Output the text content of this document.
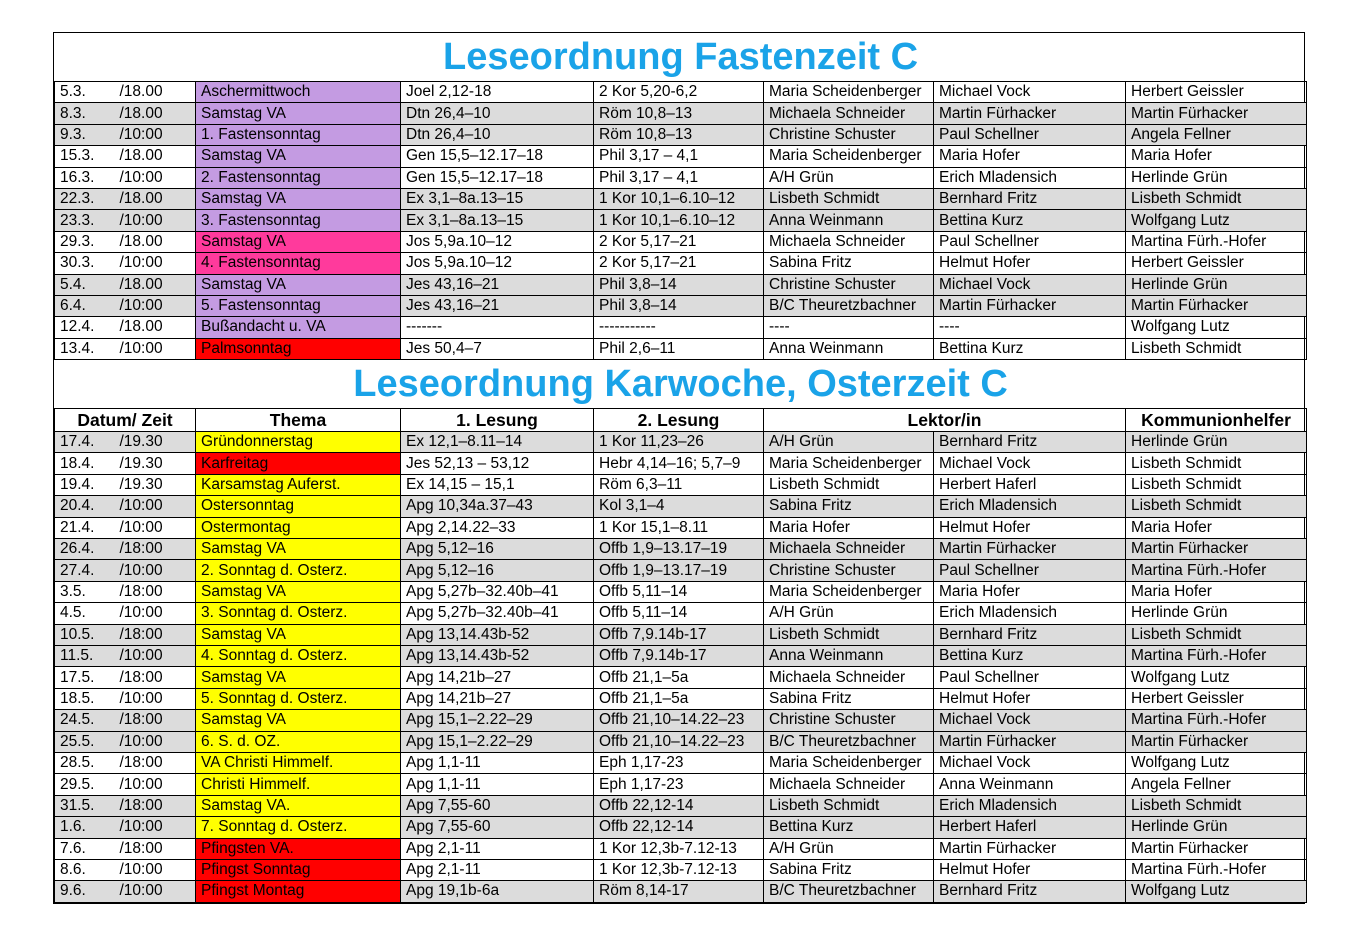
Leseordnung Fastenzeit C							
5.3.	/18.00	Aschermittwoch	Joel 2,12-18	2 Kor 5,20-6,2	Maria Scheidenberger	Michael Vock	Herbert Geissler
8.3.	/18.00	Samstag VA	Dtn 26,4–10	Röm 10,8–13	Michaela Schneider	Martin Fürhacker	Martin Fürhacker
9.3.	/10:00	1. Fastensonntag	Dtn 26,4–10	Röm 10,8–13	Christine Schuster	Paul Schellner	Angela Fellner
15.3.	/18.00	Samstag VA	Gen 15,5–12.17–18	Phil 3,17 – 4,1	Maria Scheidenberger	Maria Hofer	Maria Hofer
16.3.	/10:00	2. Fastensonntag	Gen 15,5–12.17–18	Phil 3,17 – 4,1	A/H Grün	Erich Mladensich	Herlinde Grün
22.3.	/18.00	Samstag VA	Ex 3,1–8a.13–15	1 Kor 10,1–6.10–12	Lisbeth Schmidt	Bernhard Fritz	Lisbeth Schmidt
23.3.	/10:00	3. Fastensonntag	Ex 3,1–8a.13–15	1 Kor 10,1–6.10–12	Anna Weinmann	Bettina Kurz	Wolfgang Lutz
29.3.	/18.00	Samstag VA	Jos 5,9a.10–12	2 Kor 5,17–21	Michaela Schneider	Paul Schellner	Martina Fürh.-Hofer
30.3.	/10:00	4. Fastensonntag	Jos 5,9a.10–12	2 Kor 5,17–21	Sabina Fritz	Helmut Hofer	Herbert Geissler
5.4.	/18.00	Samstag VA	Jes 43,16–21	Phil 3,8–14	Christine Schuster	Michael Vock	Herlinde Grün
6.4.	/10:00	5. Fastensonntag	Jes 43,16–21	Phil 3,8–14	B/C Theuretzbachner	Martin Fürhacker	Martin Fürhacker
12.4.	/18.00	Bußandacht u. VA	-------	-----------	----	----	Wolfgang Lutz
13.4.	/10:00	Palmsonntag	Jes 50,4–7	Phil 2,6–11	Anna Weinmann	Bettina Kurz	Lisbeth Schmidt
Leseordnung Karwoche, Osterzeit C							
Datum/ Zeit		Thema	1. Lesung	2. Lesung	Lektor/in		Kommunionhelfer
17.4.	/19.30	Gründonnerstag	Ex 12,1–8.11–14	1 Kor 11,23–26	A/H Grün	Bernhard Fritz	Herlinde Grün
18.4.	/19.30	Karfreitag	Jes 52,13 – 53,12	Hebr 4,14–16; 5,7–9	Maria Scheidenberger	Michael Vock	Lisbeth Schmidt
19.4.	/19.30	Karsamstag Auferst.	Ex 14,15 – 15,1	Röm 6,3–11	Lisbeth Schmidt	Herbert Haferl	Lisbeth Schmidt
20.4.	/10:00	Ostersonntag	Apg 10,34a.37–43	Kol 3,1–4	Sabina Fritz	Erich Mladensich	Lisbeth Schmidt
21.4.	/10:00	Ostermontag	Apg 2,14.22–33	1 Kor 15,1–8.11	Maria Hofer	Helmut Hofer	Maria Hofer
26.4.	/18:00	Samstag VA	Apg 5,12–16	Offb 1,9–13.17–19	Michaela Schneider	Martin Fürhacker	Martin Fürhacker
27.4.	/10:00	2. Sonntag d. Osterz.	Apg 5,12–16	Offb 1,9–13.17–19	Christine Schuster	Paul Schellner	Martina Fürh.-Hofer
3.5.	/18:00	Samstag VA	Apg 5,27b–32.40b–41	Offb 5,11–14	Maria Scheidenberger	Maria Hofer	Maria Hofer
4.5.	/10:00	3. Sonntag d. Osterz.	Apg 5,27b–32.40b–41	Offb 5,11–14	A/H Grün	Erich Mladensich	Herlinde Grün
10.5.	/18:00	Samstag VA	Apg 13,14.43b-52	Offb 7,9.14b-17	Lisbeth Schmidt	Bernhard Fritz	Lisbeth Schmidt
11.5.	/10:00	4. Sonntag d. Osterz.	Apg 13,14.43b-52	Offb 7,9.14b-17	Anna Weinmann	Bettina Kurz	Martina Fürh.-Hofer
17.5.	/18:00	Samstag VA	Apg 14,21b–27	Offb 21,1–5a	Michaela Schneider	Paul Schellner	Wolfgang Lutz
18.5.	/10:00	5. Sonntag d. Osterz.	Apg 14,21b–27	Offb 21,1–5a	Sabina Fritz	Helmut Hofer	Herbert Geissler
24.5.	/18:00	Samstag VA	Apg 15,1–2.22–29	Offb 21,10–14.22–23	Christine Schuster	Michael Vock	Martina Fürh.-Hofer
25.5.	/10:00	6. S. d. OZ.	Apg 15,1–2.22–29	Offb 21,10–14.22–23	B/C Theuretzbachner	Martin Fürhacker	Martin Fürhacker
28.5.	/18:00	VA Christi Himmelf.	Apg 1,1-11	Eph 1,17-23	Maria Scheidenberger	Michael Vock	Wolfgang Lutz
29.5.	/10:00	Christi Himmelf.	Apg 1,1-11	Eph 1,17-23	Michaela Schneider	Anna Weinmann	Angela Fellner
31.5.	/18:00	Samstag VA.	Apg 7,55-60	Offb 22,12-14	Lisbeth Schmidt	Erich Mladensich	Lisbeth Schmidt
1.6.	/10:00	7. Sonntag d. Osterz.	Apg 7,55-60	Offb 22,12-14	Bettina Kurz	Herbert Haferl	Herlinde Grün
7.6.	/18:00	Pfingsten VA.	Apg 2,1-11	1 Kor 12,3b-7.12-13	A/H Grün	Martin Fürhacker	Martin Fürhacker
8.6.	/10:00	Pfingst Sonntag	Apg 2,1-11	1 Kor 12,3b-7.12-13	Sabina Fritz	Helmut Hofer	Martina Fürh.-Hofer
9.6.	/10:00	Pfingst Montag	Apg 19,1b-6a	Röm 8,14-17	B/C Theuretzbachner	Bernhard Fritz	Wolfgang Lutz
